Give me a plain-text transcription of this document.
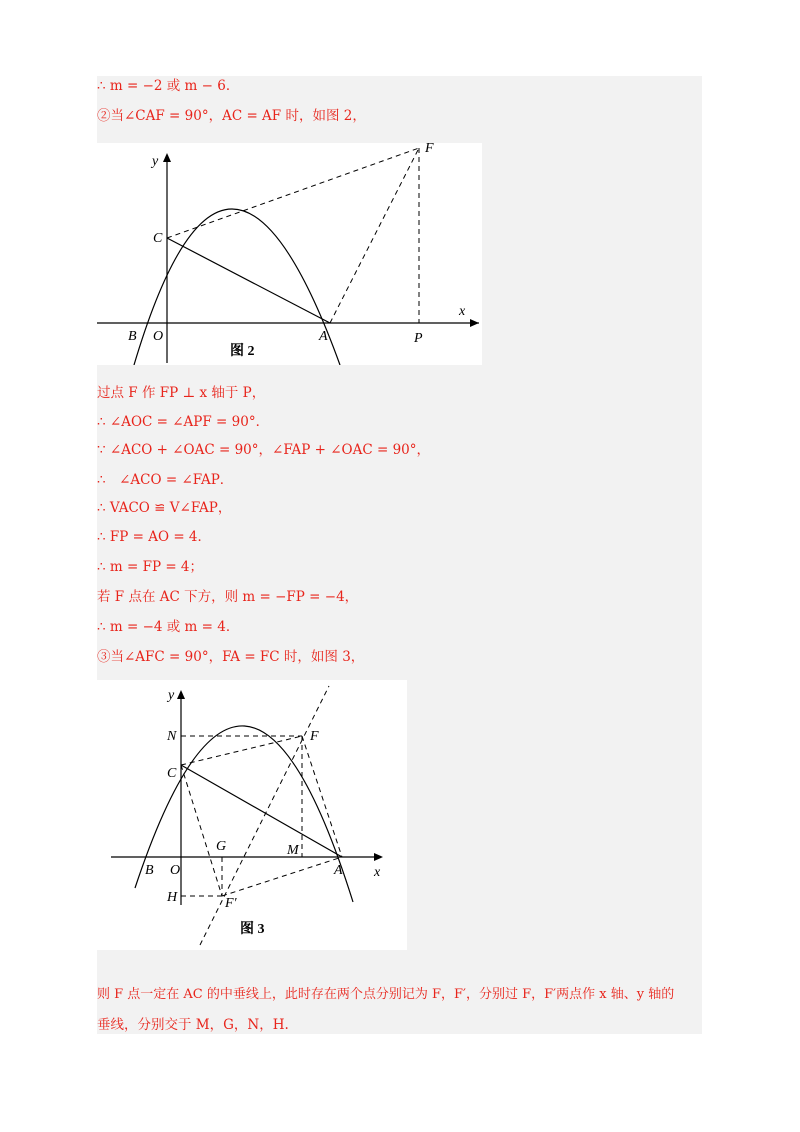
∴ m = −2 或 m − 6．
②当∠CAF = 90°，AC = AF 时，如图 2，
y
x
C
F
B O	A	P
图 2
过点 F 作 FP ⊥ x 轴于 P，
∴ ∠AOC = ∠APF = 90°．
∵ ∠ACO + ∠OAC = 90°，∠FAP + ∠OAC = 90°，
∴　∠ACO = ∠FAP．
∴ VACO ≌ V∠FAP，
∴ FP = AO = 4．
∴ m = FP = 4；
若 F 点在 AC 下方，则 m = −FP = −4，
∴ m = −4 或 m = 4．
③当∠AFC = 90°，FA = FC 时，如图 3，
y
x
N	F
C
G	M
B O	A
H	F′
图 3
则 F 点一定在 AC 的中垂线上，此时存在两个点分别记为 F，F′，分别过 F，F′两点作 x 轴、y 轴的
垂线，分别交于 M，G，N，H.
